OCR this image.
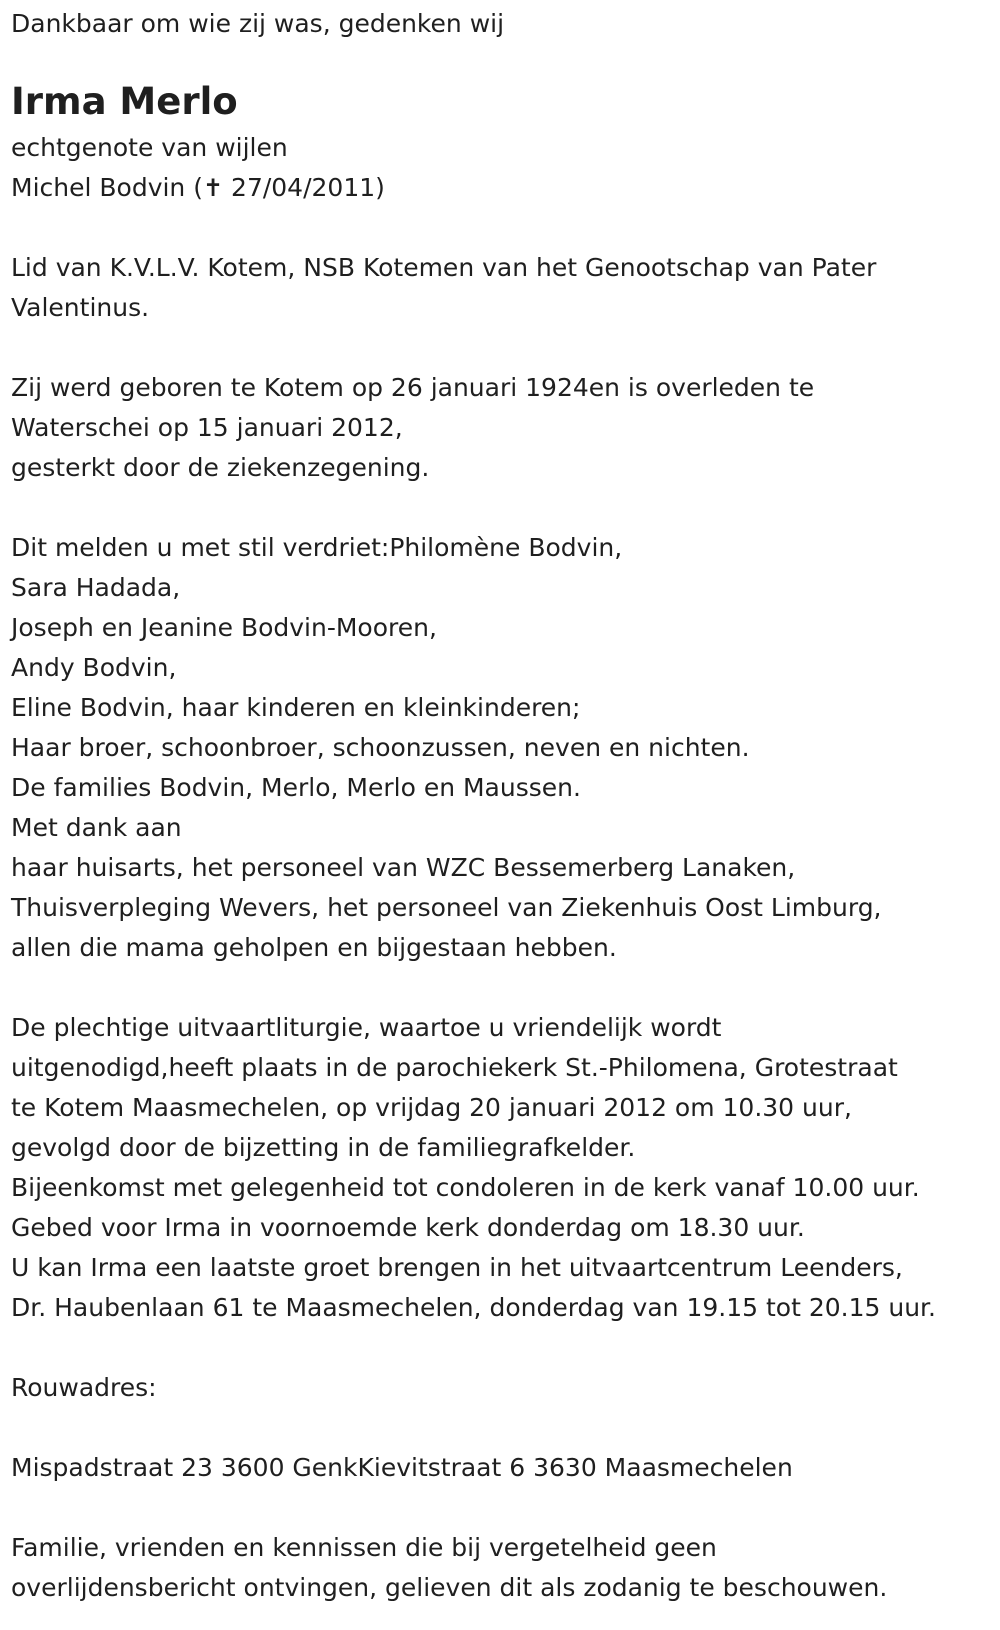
Dankbaar om wie zij was, gedenken wij
Irma Merlo
echtgenote van wijlen
Michel Bodvin (✝ 27/04/2011)
Lid van K.V.L.V. Kotem, NSB Kotemen van het Genootschap van Pater
Valentinus.
Zij werd geboren te Kotem op 26 januari 1924en is overleden te
Waterschei op 15 januari 2012,
gesterkt door de ziekenzegening.
Dit melden u met stil verdriet:Philomène Bodvin,
Sara Hadada,
Joseph en Jeanine Bodvin-Mooren,
Andy Bodvin,
Eline Bodvin, haar kinderen en kleinkinderen;
Haar broer, schoonbroer, schoonzussen, neven en nichten.
De families Bodvin, Merlo, Merlo en Maussen.
Met dank aan
haar huisarts, het personeel van WZC Bessemerberg Lanaken,
Thuisverpleging Wevers, het personeel van Ziekenhuis Oost Limburg,
allen die mama geholpen en bijgestaan hebben.
De plechtige uitvaartliturgie, waartoe u vriendelijk wordt
uitgenodigd,heeft plaats in de parochiekerk St.-Philomena, Grotestraat
te Kotem Maasmechelen, op vrijdag 20 januari 2012 om 10.30 uur,
gevolgd door de bijzetting in de familiegrafkelder.
Bijeenkomst met gelegenheid tot condoleren in de kerk vanaf 10.00 uur.
Gebed voor Irma in voornoemde kerk donderdag om 18.30 uur.
U kan Irma een laatste groet brengen in het uitvaartcentrum Leenders,
Dr. Haubenlaan 61 te Maasmechelen, donderdag van 19.15 tot 20.15 uur.
Rouwadres:
Mispadstraat 23 3600 GenkKievitstraat 6 3630 Maasmechelen
Familie, vrienden en kennissen die bij vergetelheid geen
overlijdensbericht ontvingen, gelieven dit als zodanig te beschouwen.
